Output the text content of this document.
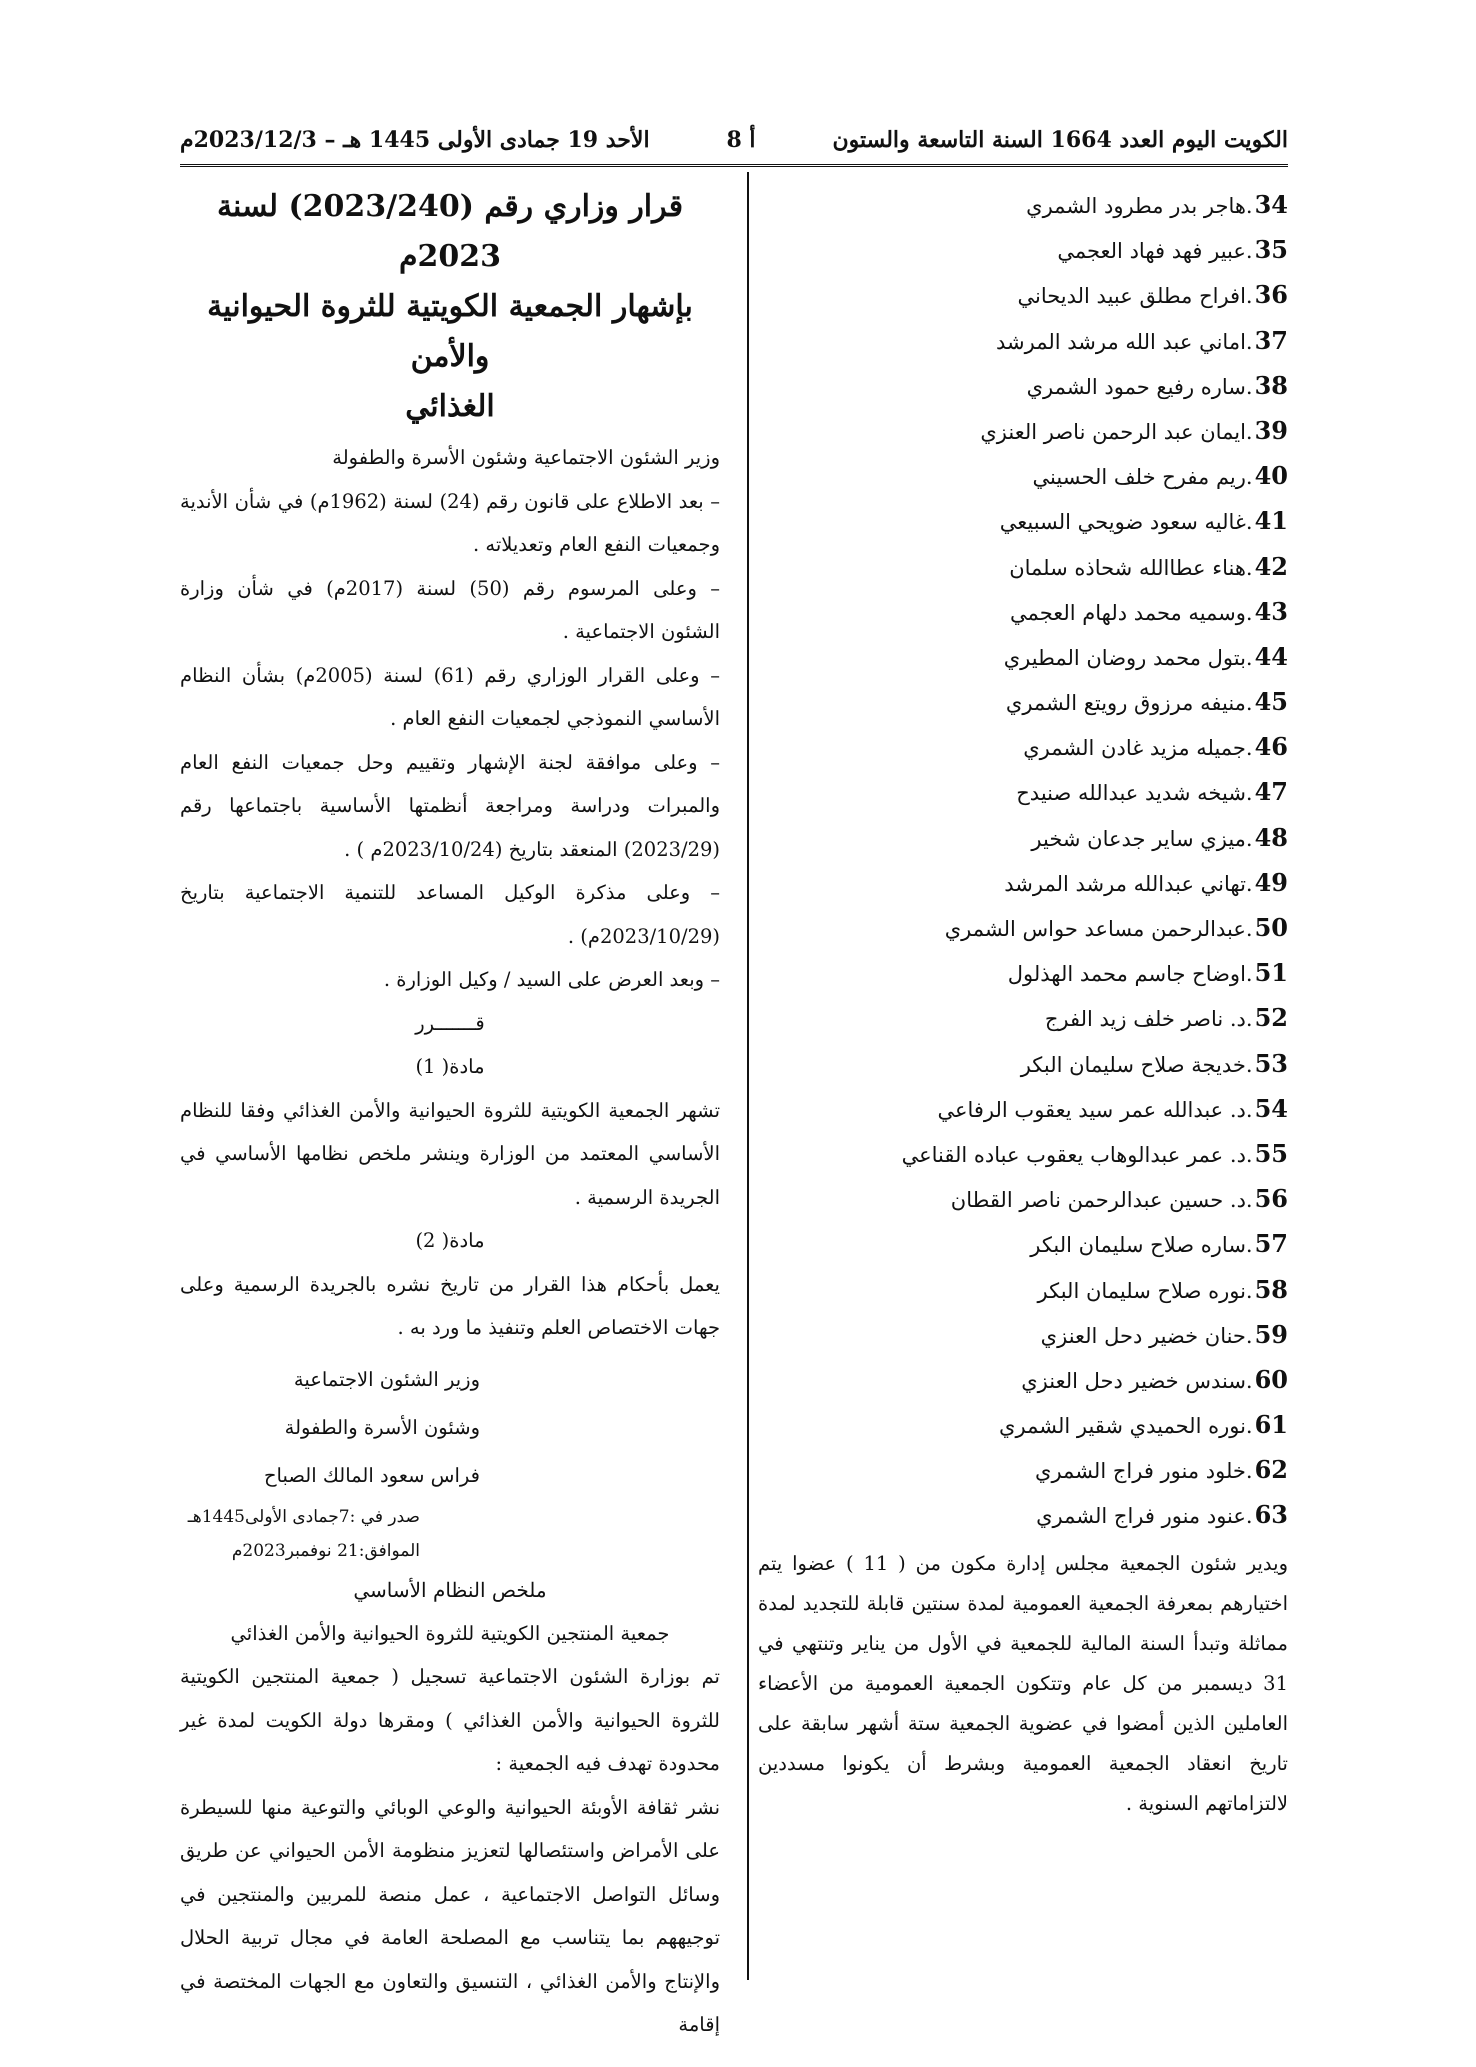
الكويت اليوم العدد 1664 السنة التاسعة والستون
أ 8
الأحد 19 جمادى الأولى 1445 هـ – 2023/12/3م
34.هاجر بدر مطرود الشمري
35.عبير فهد فهاد العجمي
36.افراح مطلق عبيد الديحاني
37.اماني عبد الله مرشد المرشد
38.ساره رفيع حمود الشمري
39.ايمان عبد الرحمن ناصر العنزي
40.ريم مفرح خلف الحسيني
41.غاليه سعود ضويحي السبيعي
42.هناء عطاالله شحاذه سلمان
43.وسميه محمد دلهام العجمي
44.بتول محمد روضان المطيري
45.منيفه مرزوق رويتع الشمري
46.جميله مزيد غادن الشمري
47.شيخه شديد عبدالله صنيدح
48.ميزي ساير جدعان شخير
49.تهاني عبدالله مرشد المرشد
50.عبدالرحمن مساعد حواس الشمري
51.اوضاح جاسم محمد الهذلول
52.د. ناصر خلف زيد الفرج
53.خديجة صلاح سليمان البكر
54.د. عبدالله عمر سيد يعقوب الرفاعي
55.د. عمر عبدالوهاب يعقوب عباده القناعي
56.د. حسين عبدالرحمن ناصر القطان
57.ساره صلاح سليمان البكر
58.نوره صلاح سليمان البكر
59.حنان خضير دحل العنزي
60.سندس خضير دحل العنزي
61.نوره الحميدي شقير الشمري
62.خلود منور فراج الشمري
63.عنود منور فراج الشمري

ويدير شئون الجمعية مجلس إدارة مكون من ( 11 ) عضوا يتم اختيارهم بمعرفة الجمعية العمومية لمدة سنتين قابلة للتجديد لمدة مماثلة وتبدأ السنة المالية للجمعية في الأول من يناير وتنتهي في 31 ديسمبر من كل عام وتتكون الجمعية العمومية من الأعضاء العاملين الذين أمضوا في عضوية الجمعية ستة أشهر سابقة على تاريخ انعقاد الجمعية العمومية وبشرط أن يكونوا مسددين لالتزاماتهم السنوية .

قرار وزاري رقم (2023/240) لسنة 2023م
بإشهار الجمعية الكويتية للثروة الحيوانية والأمن
الغذائي

وزير الشئون الاجتماعية وشئون الأسرة والطفولة

– بعد الاطلاع على قانون رقم (24) لسنة (1962م) في شأن الأندية وجمعيات النفع العام وتعديلاته .

– وعلى المرسوم رقم (50) لسنة (2017م) في شأن وزارة الشئون الاجتماعية .

– وعلى القرار الوزاري رقم (61) لسنة (2005م) بشأن النظام الأساسي النموذجي لجمعيات النفع العام .

– وعلى موافقة لجنة الإشهار وتقييم وحل جمعيات النفع العام والمبرات ودراسة ومراجعة أنظمتها الأساسية باجتماعها رقم (2023/29) المنعقد بتاريخ (2023/10/24م ) .

– وعلى مذكرة الوكيل المساعد للتنمية الاجتماعية بتاريخ (2023/10/29م) .

– وبعد العرض على السيد / وكيل الوزارة .

قـــــــرر

مادة( 1)

تشهر الجمعية الكويتية للثروة الحيوانية والأمن الغذائي وفقا للنظام الأساسي المعتمد من الوزارة وينشر ملخص نظامها الأساسي في الجريدة الرسمية .

مادة( 2)

يعمل بأحكام هذا القرار من تاريخ نشره بالجريدة الرسمية وعلى جهات الاختصاص العلم وتنفيذ ما ورد به .

وزير الشئون الاجتماعية

وشئون الأسرة والطفولة

فراس سعود المالك الصباح

صدر في :7جمادى الأولى1445هـ

الموافق:21 نوفمبر2023م

ملخص النظام الأساسي

جمعية المنتجين الكويتية للثروة الحيوانية والأمن الغذائي

تم بوزارة الشئون الاجتماعية تسجيل ( جمعية المنتجين الكويتية للثروة الحيوانية والأمن الغذائي ) ومقرها دولة الكويت لمدة غير محدودة تهدف فيه الجمعية :

نشر ثقافة الأوبئة الحيوانية والوعي الوبائي والتوعية منها للسيطرة على الأمراض واستئصالها لتعزيز منظومة الأمن الحيواني عن طريق وسائل التواصل الاجتماعية ، عمل منصة للمربين والمنتجين في توجيههم بما يتناسب مع المصلحة العامة في مجال تربية الحلال والإنتاج والأمن الغذائي ، التنسيق والتعاون مع الجهات المختصة في إقامة
